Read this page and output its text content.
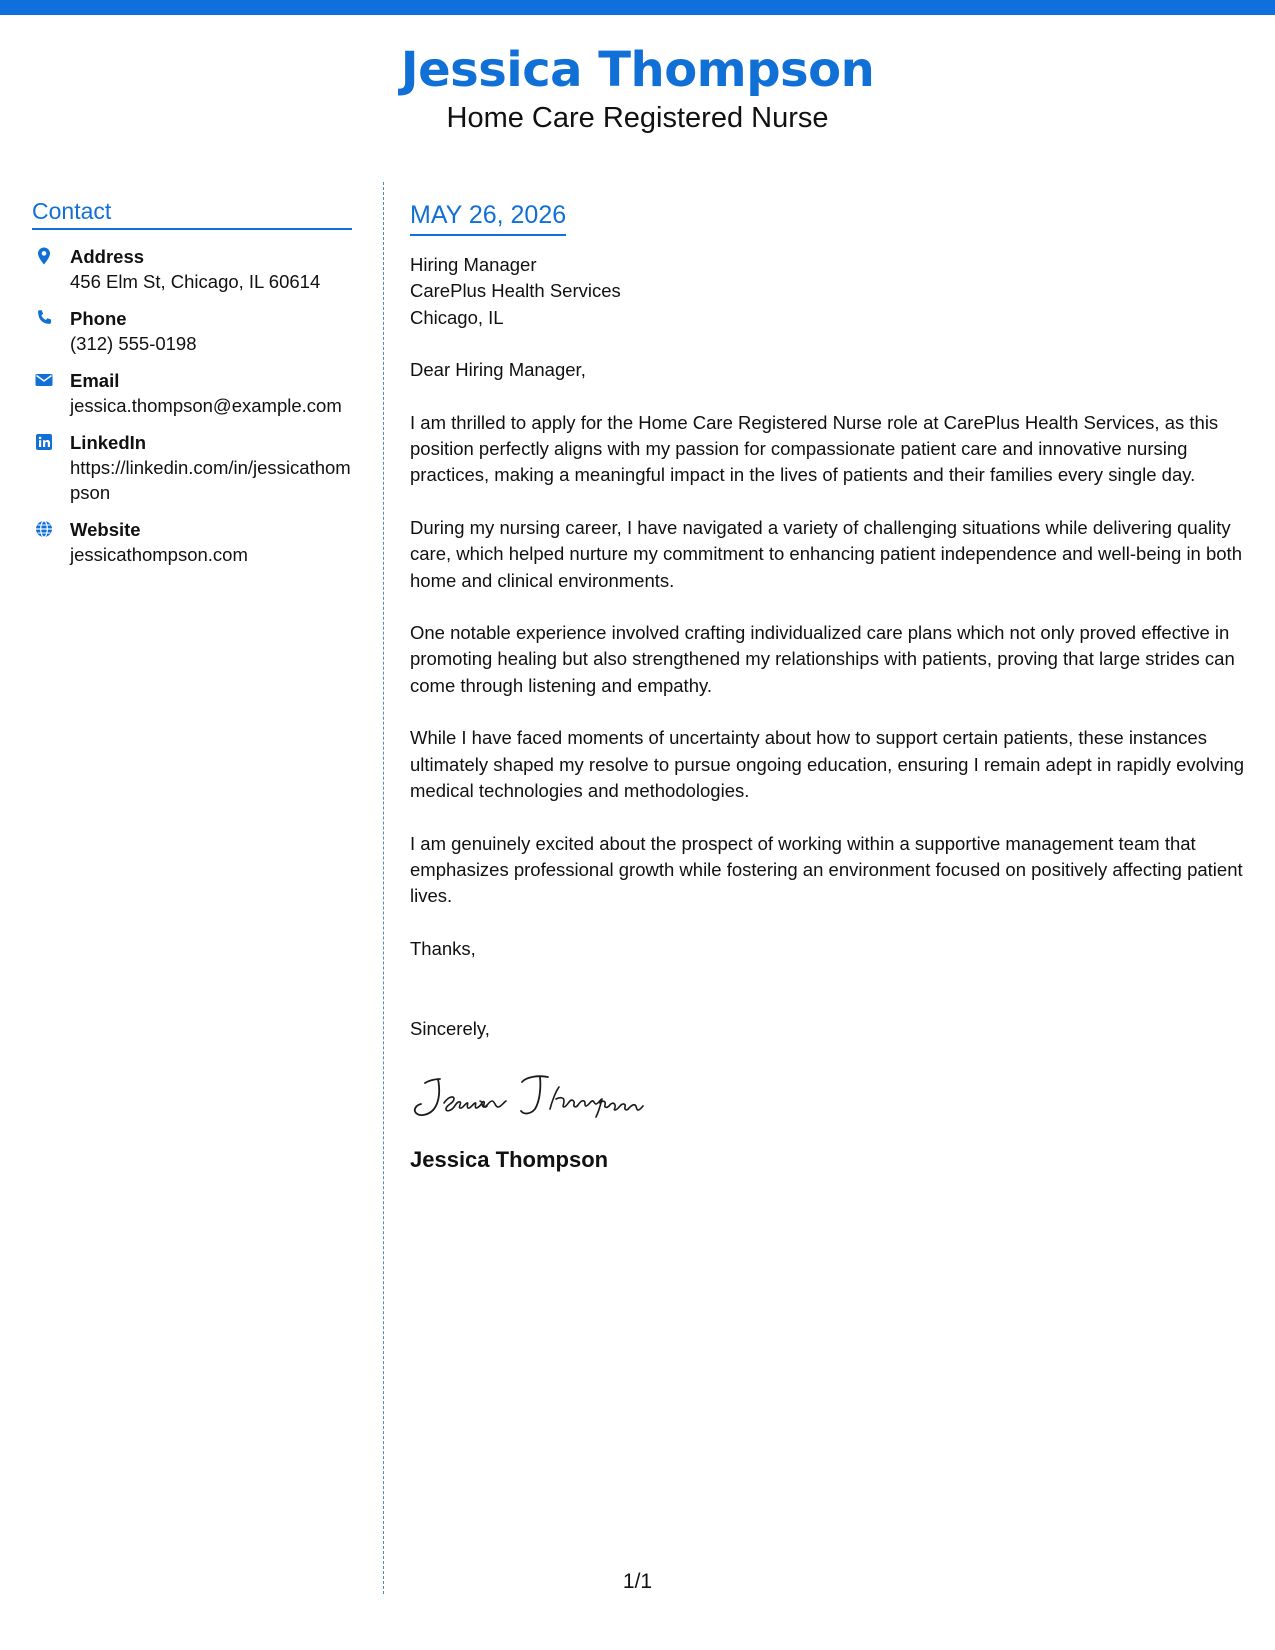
Jessica Thompson
Home Care Registered Nurse
Contact
Address
456 Elm St, Chicago, IL 60614
Phone
(312) 555-0198
Email
jessica.thompson@example.com
LinkedIn
https://linkedin.com/in/jessicathompson
Website
jessicathompson.com
MAY 26, 2026
Hiring Manager
CarePlus Health Services
Chicago, IL

Dear Hiring Manager,

I am thrilled to apply for the Home Care Registered Nurse role at CarePlus Health Services, as this position perfectly aligns with my passion for compassionate patient care and innovative nursing practices, making a meaningful impact in the lives of patients and their families every single day.

During my nursing career, I have navigated a variety of challenging situations while delivering quality care, which helped nurture my commitment to enhancing patient independence and well-being in both home and clinical environments.

One notable experience involved crafting individualized care plans which not only proved effective in promoting healing but also strengthened my relationships with patients, proving that large strides can come through listening and empathy.

While I have faced moments of uncertainty about how to support certain patients, these instances ultimately shaped my resolve to pursue ongoing education, ensuring I remain adept in rapidly evolving medical technologies and methodologies.

I am genuinely excited about the prospect of working within a supportive management team that emphasizes professional growth while fostering an environment focused on positively affecting patient lives.

Thanks,

Sincerely,

Jessica Thompson
1/1
